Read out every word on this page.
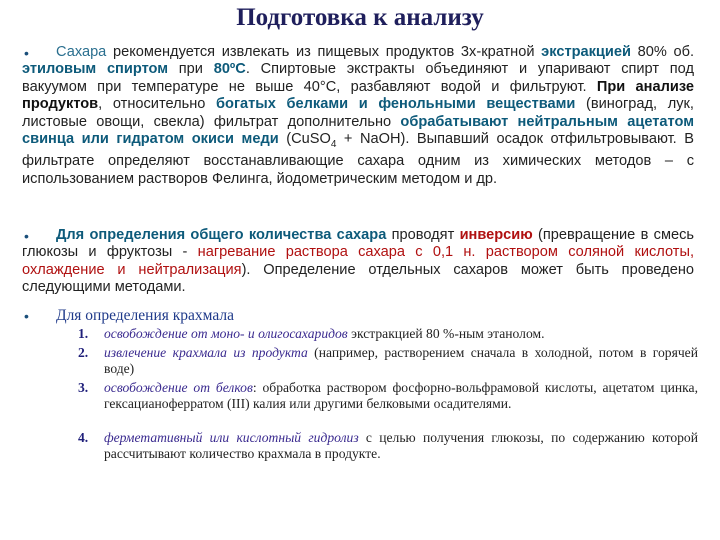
Подготовка к анализу
•	Сахара рекомендуется извлекать из пищевых продуктов 3х-кратной экстракцией 80% об. этиловым спиртом при 80ºС. Спиртовые экстракты объединяют и упаривают спирт под вакуумом при температуре не выше 40°С, разбавляют водой и фильтруют. При анализе продуктов, относительно богатых белками и фенольными веществами (виноград, лук, листовые овощи, свекла) фильтрат дополнительно обрабатывают нейтральным ацетатом свинца или гидратом окиси меди (CuSO$_4$ + NaOH). Выпавший осадок отфильтровывают. В фильтрате определяют восстанавливающие сахара одним из химических методов – с использованием растворов Фелинга, йодометрическим методом и др.
•	Для определения общего количества сахара проводят инверсию (превращение в смесь глюкозы и фруктозы - нагревание раствора сахара с 0,1 н. раствором соляной кислоты, охлаждение и нейтрализация). Определение отдельных сахаров может быть проведено следующими методами.
• Для определения крахмала
1. освобождение от моно- и олигосахаридов экстракцией 80 %-ным этанолом.
2. извлечение крахмала из продукта (например, растворением сначала в холодной, потом в горячей воде)
3. освобождение от белков: обработка раствором фосфорно-вольфрамовой кислоты, ацетатом цинка, гексацианоферратом (III) калия или другими белковыми осадителями.
4. ферметативный или кислотный гидролиз с целью получения глюкозы, по содержанию которой рассчитывают количество крахмала в продукте.
